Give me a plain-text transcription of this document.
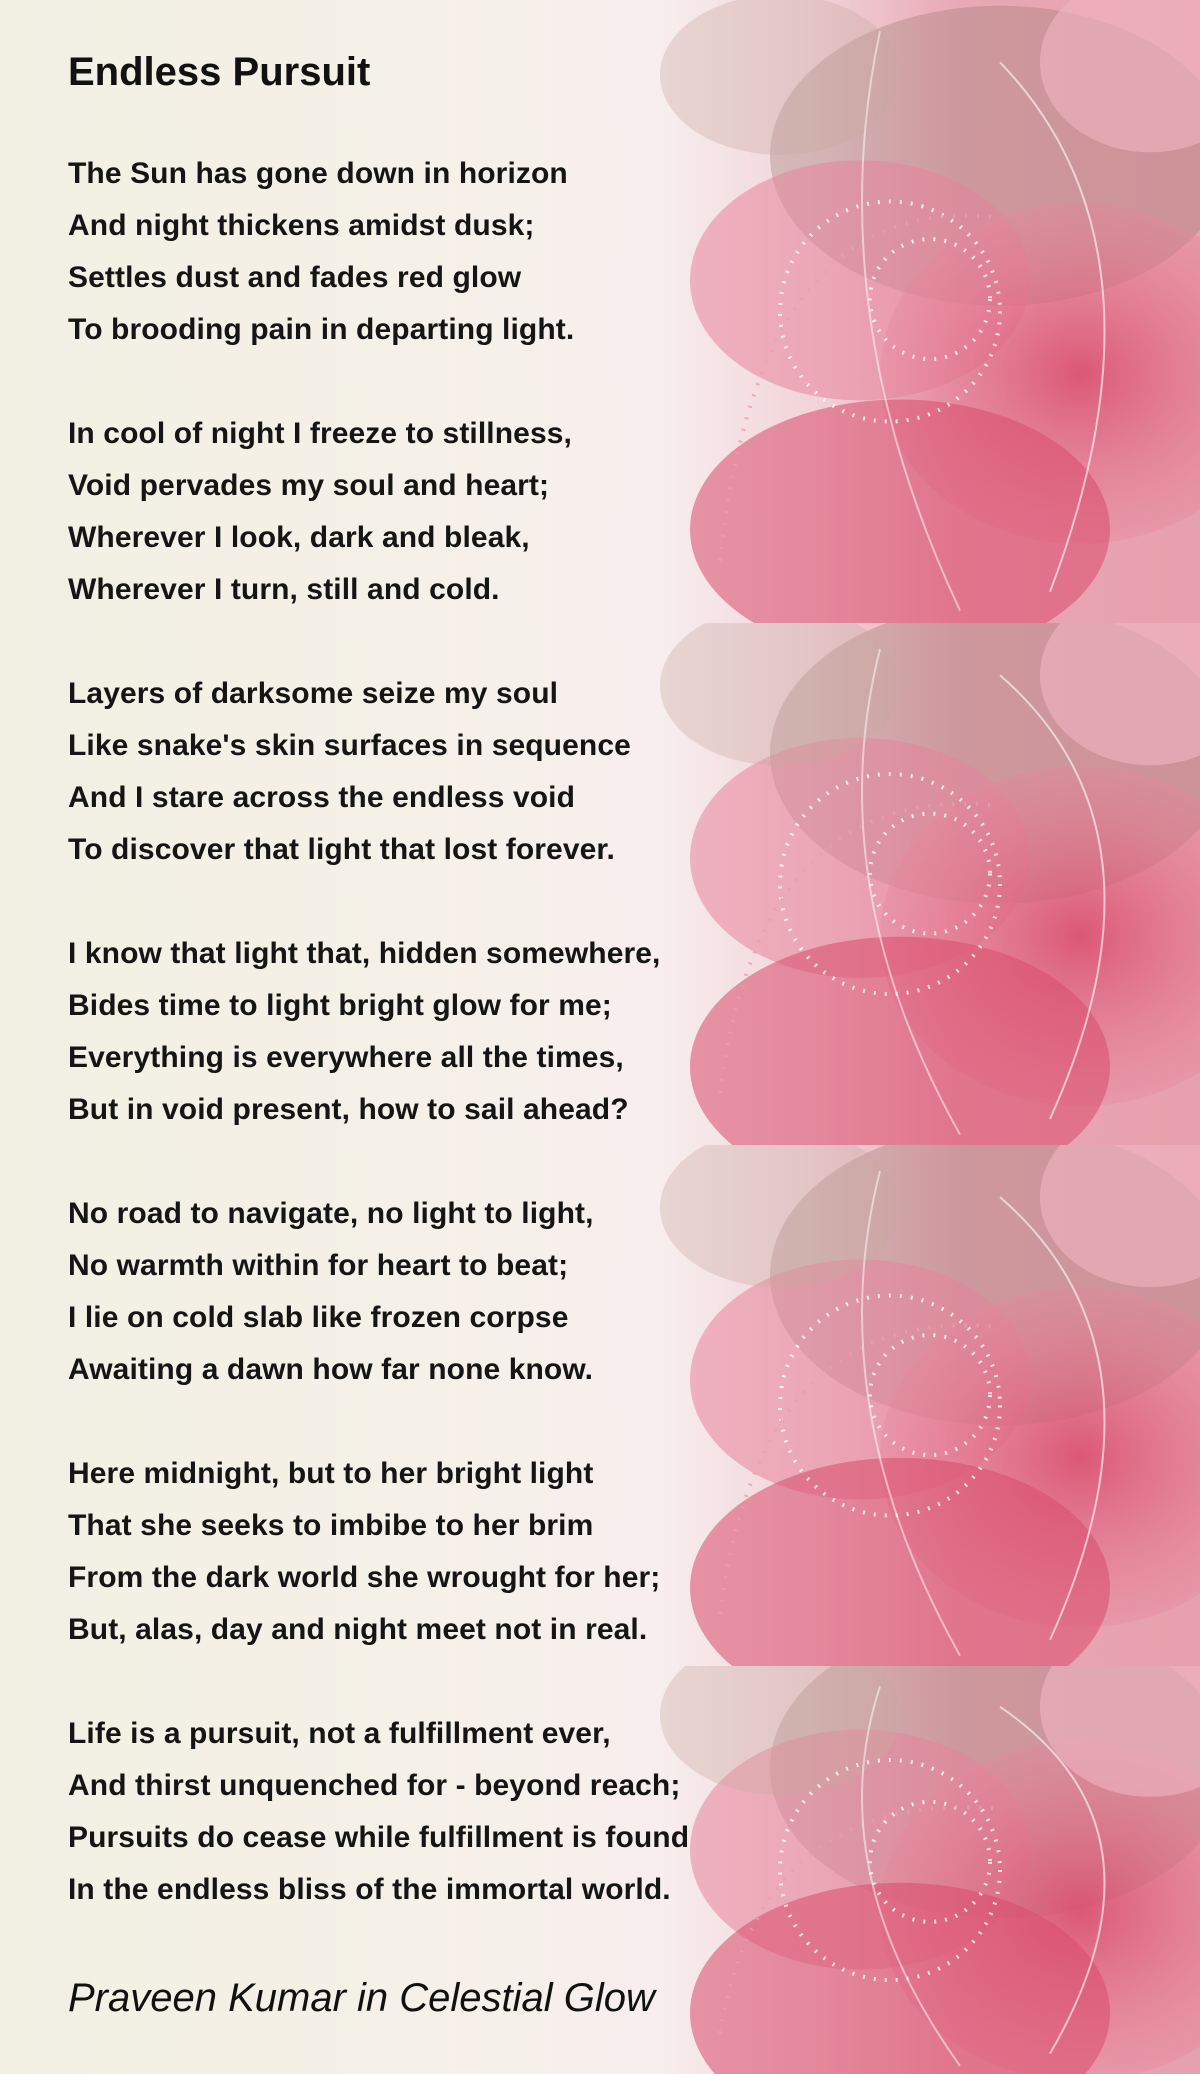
Endless Pursuit
The Sun has gone down in horizon
And night thickens amidst dusk;
Settles dust and fades red glow
To brooding pain in departing light.
In cool of night I freeze to stillness,
Void pervades my soul and heart;
Wherever I look, dark and bleak,
Wherever I turn, still and cold.
Layers of darksome seize my soul
Like snake's skin surfaces in sequence
And I stare across the endless void
To discover that light that lost forever.
I know that light that, hidden somewhere,
Bides time to light bright glow for me;
Everything is everywhere all the times,
But in void present, how to sail ahead?
No road to navigate, no light to light,
No warmth within for heart to beat;
I lie on cold slab like frozen corpse
Awaiting a dawn how far none know.
Here midnight, but to her bright light
That she seeks to imbibe to her brim
From the dark world she wrought for her;
But, alas, day and night meet not in real.
Life is a pursuit, not a fulfillment ever,
And thirst unquenched for - beyond reach;
Pursuits do cease while fulfillment is found
In the endless bliss of the immortal world.
Praveen Kumar in Celestial Glow
